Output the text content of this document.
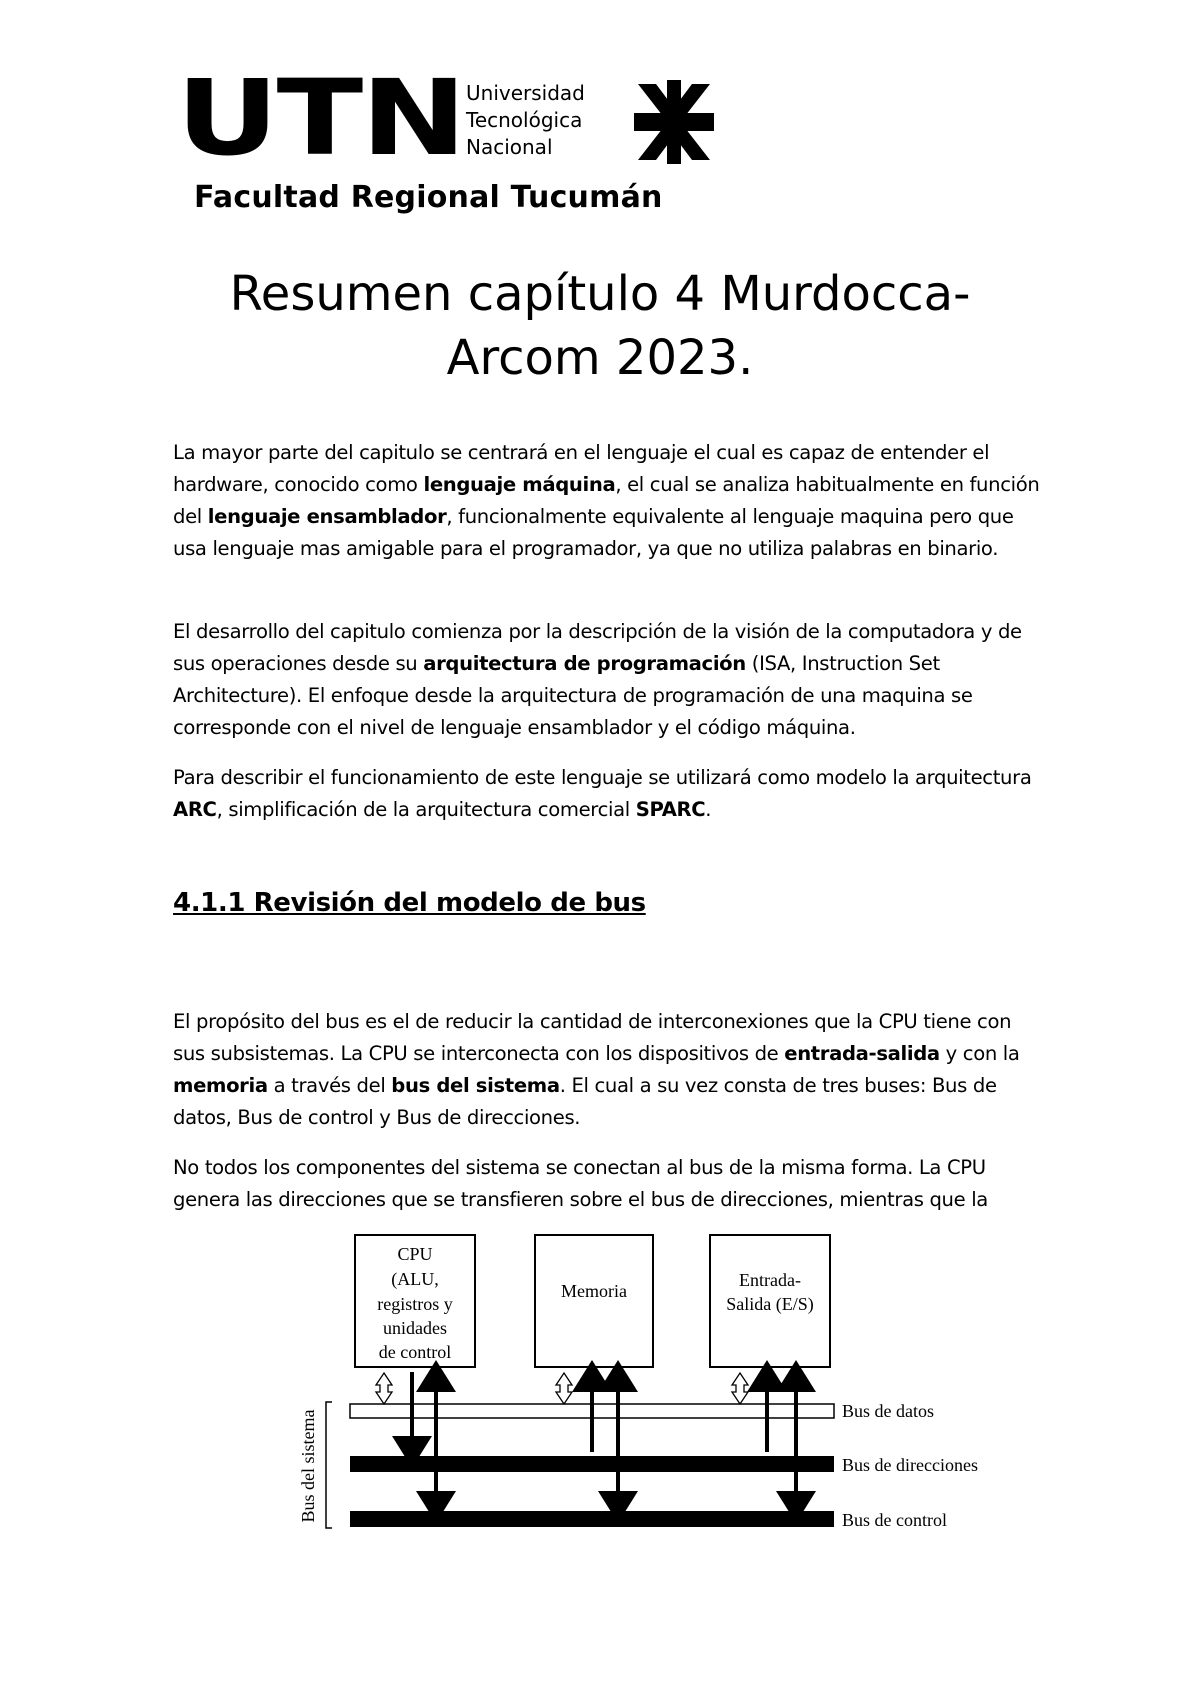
UTN Universidad
Tecnológica
Nacional
Facultad Regional Tucumán
Resumen capítulo 4 Murdocca-
Arcom 2023.
La mayor parte del capitulo se centrará en el lenguaje el cual es capaz de entender el hardware, conocido como lenguaje máquina, el cual se analiza habitualmente en función del lenguaje ensamblador, funcionalmente equivalente al lenguaje maquina pero que usa lenguaje mas amigable para el programador, ya que no utiliza palabras en binario.
El desarrollo del capitulo comienza por la descripción de la visión de la computadora y de sus operaciones desde su arquitectura de programación (ISA, Instruction Set Architecture). El enfoque desde la arquitectura de programación de una maquina se corresponde con el nivel de lenguaje ensamblador y el código máquina.
Para describir el funcionamiento de este lenguaje se utilizará como modelo la arquitectura ARC, simplificación de la arquitectura comercial SPARC.
4.1.1 Revisión del modelo de bus
El propósito del bus es el de reducir la cantidad de interconexiones que la CPU tiene con sus subsistemas. La CPU se interconecta con los dispositivos de entrada-salida y con la memoria a través del bus del sistema. El cual a su vez consta de tres buses: Bus de datos, Bus de control y Bus de direcciones.
No todos los componentes del sistema se conectan al bus de la misma forma. La CPU genera las direcciones que se transfieren sobre el bus de direcciones, mientras que la
CPU
(ALU,
registros y
unidades
de control
Memoria
Entrada-
Salida (E/S)
Bus de datos
Bus de direcciones
Bus de control
Bus del sistema
